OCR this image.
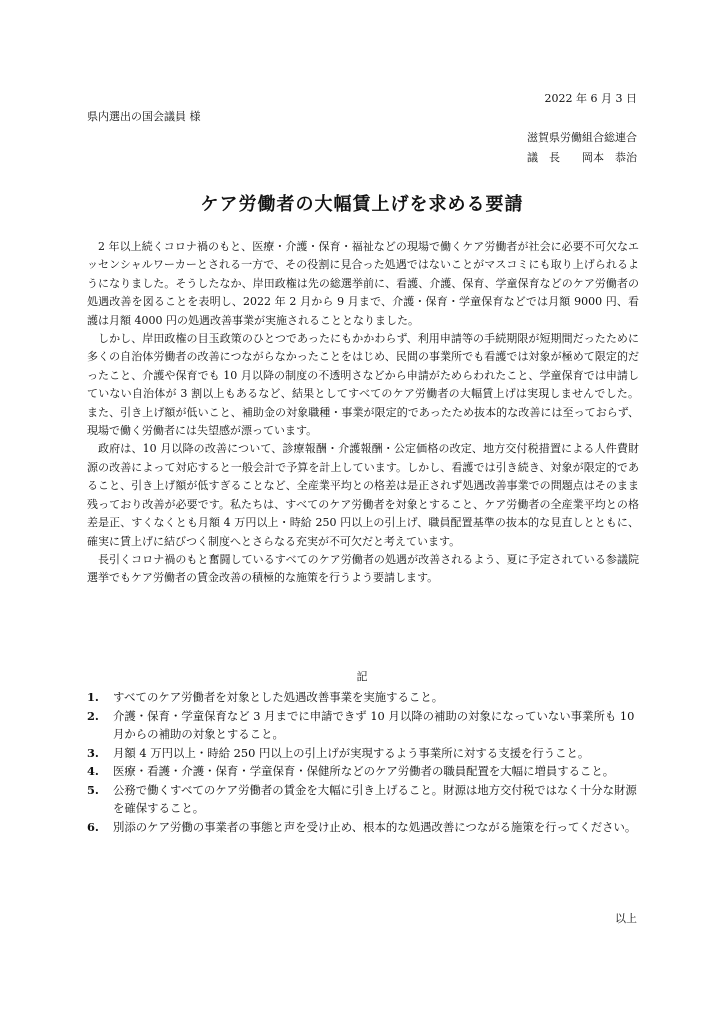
2022 年 6 月 3 日
県内選出の国会議員 様
滋賀県労働組合総連合
議　長 岡本　恭治
ケア労働者の大幅賃上げを求める要請

2 年以上続くコロナ禍のもと、医療・介護・保育・福祉などの現場で働くケア労働者が社会に必要不可欠なエッセンシャルワーカーとされる一方で、その役割に見合った処遇ではないことがマスコミにも取り上げられるようになりました。そうしたなか、岸田政権は先の総選挙前に、看護、介護、保育、学童保育などのケア労働者の処遇改善を図ることを表明し、2022 年 2 月から 9 月まで、介護・保育・学童保育などでは月額 9000 円、看護は月額 4000 円の処遇改善事業が実施されることとなりました。

しかし、岸田政権の目玉政策のひとつであったにもかかわらず、利用申請等の手続期限が短期間だったために多くの自治体労働者の改善につながらなかったことをはじめ、民間の事業所でも看護では対象が極めて限定的だったこと、介護や保育でも 10 月以降の制度の不透明さなどから申請がためらわれたこと、学童保育では申請していない自治体が 3 割以上もあるなど、結果としてすべてのケア労働者の大幅賃上げは実現しませんでした。また、引き上げ額が低いこと、補助金の対象職種・事業が限定的であったため抜本的な改善には至っておらず、現場で働く労働者には失望感が漂っています。

政府は、10 月以降の改善について、診療報酬・介護報酬・公定価格の改定、地方交付税措置による人件費財源の改善によって対応すると一般会計で予算を計上しています。しかし、看護では引き続き、対象が限定的であること、引き上げ額が低すぎることなど、全産業平均との格差は是正されず処遇改善事業での問題点はそのまま残っており改善が必要です。私たちは、すべてのケア労働者を対象とすること、ケア労働者の全産業平均との格差是正、すくなくとも月額 4 万円以上・時給 250 円以上の引上げ、職員配置基準の抜本的な見直しとともに、確実に賃上げに結びつく制度へとさらなる充実が不可欠だと考えています。

長引くコロナ禍のもと奮闘しているすべてのケア労働者の処遇が改善されるよう、夏に予定されている参議院選挙でもケア労働者の賃金改善の積極的な施策を行うよう要請します。

記
1.	すべてのケア労働者を対象とした処遇改善事業を実施すること。
2.	介護・保育・学童保育など 3 月までに申請できず 10 月以降の補助の対象になっていない事業所も 10 月からの補助の対象とすること。
3.	月額 4 万円以上・時給 250 円以上の引上げが実現するよう事業所に対する支援を行うこと。
4.	医療・看護・介護・保育・学童保育・保健所などのケア労働者の職員配置を大幅に増員すること。
5.	公務で働くすべてのケア労働者の賃金を大幅に引き上げること。財源は地方交付税ではなく十分な財源を確保すること。
6.	別添のケア労働の事業者の事態と声を受け止め、根本的な処遇改善につながる施策を行ってください。
以上
